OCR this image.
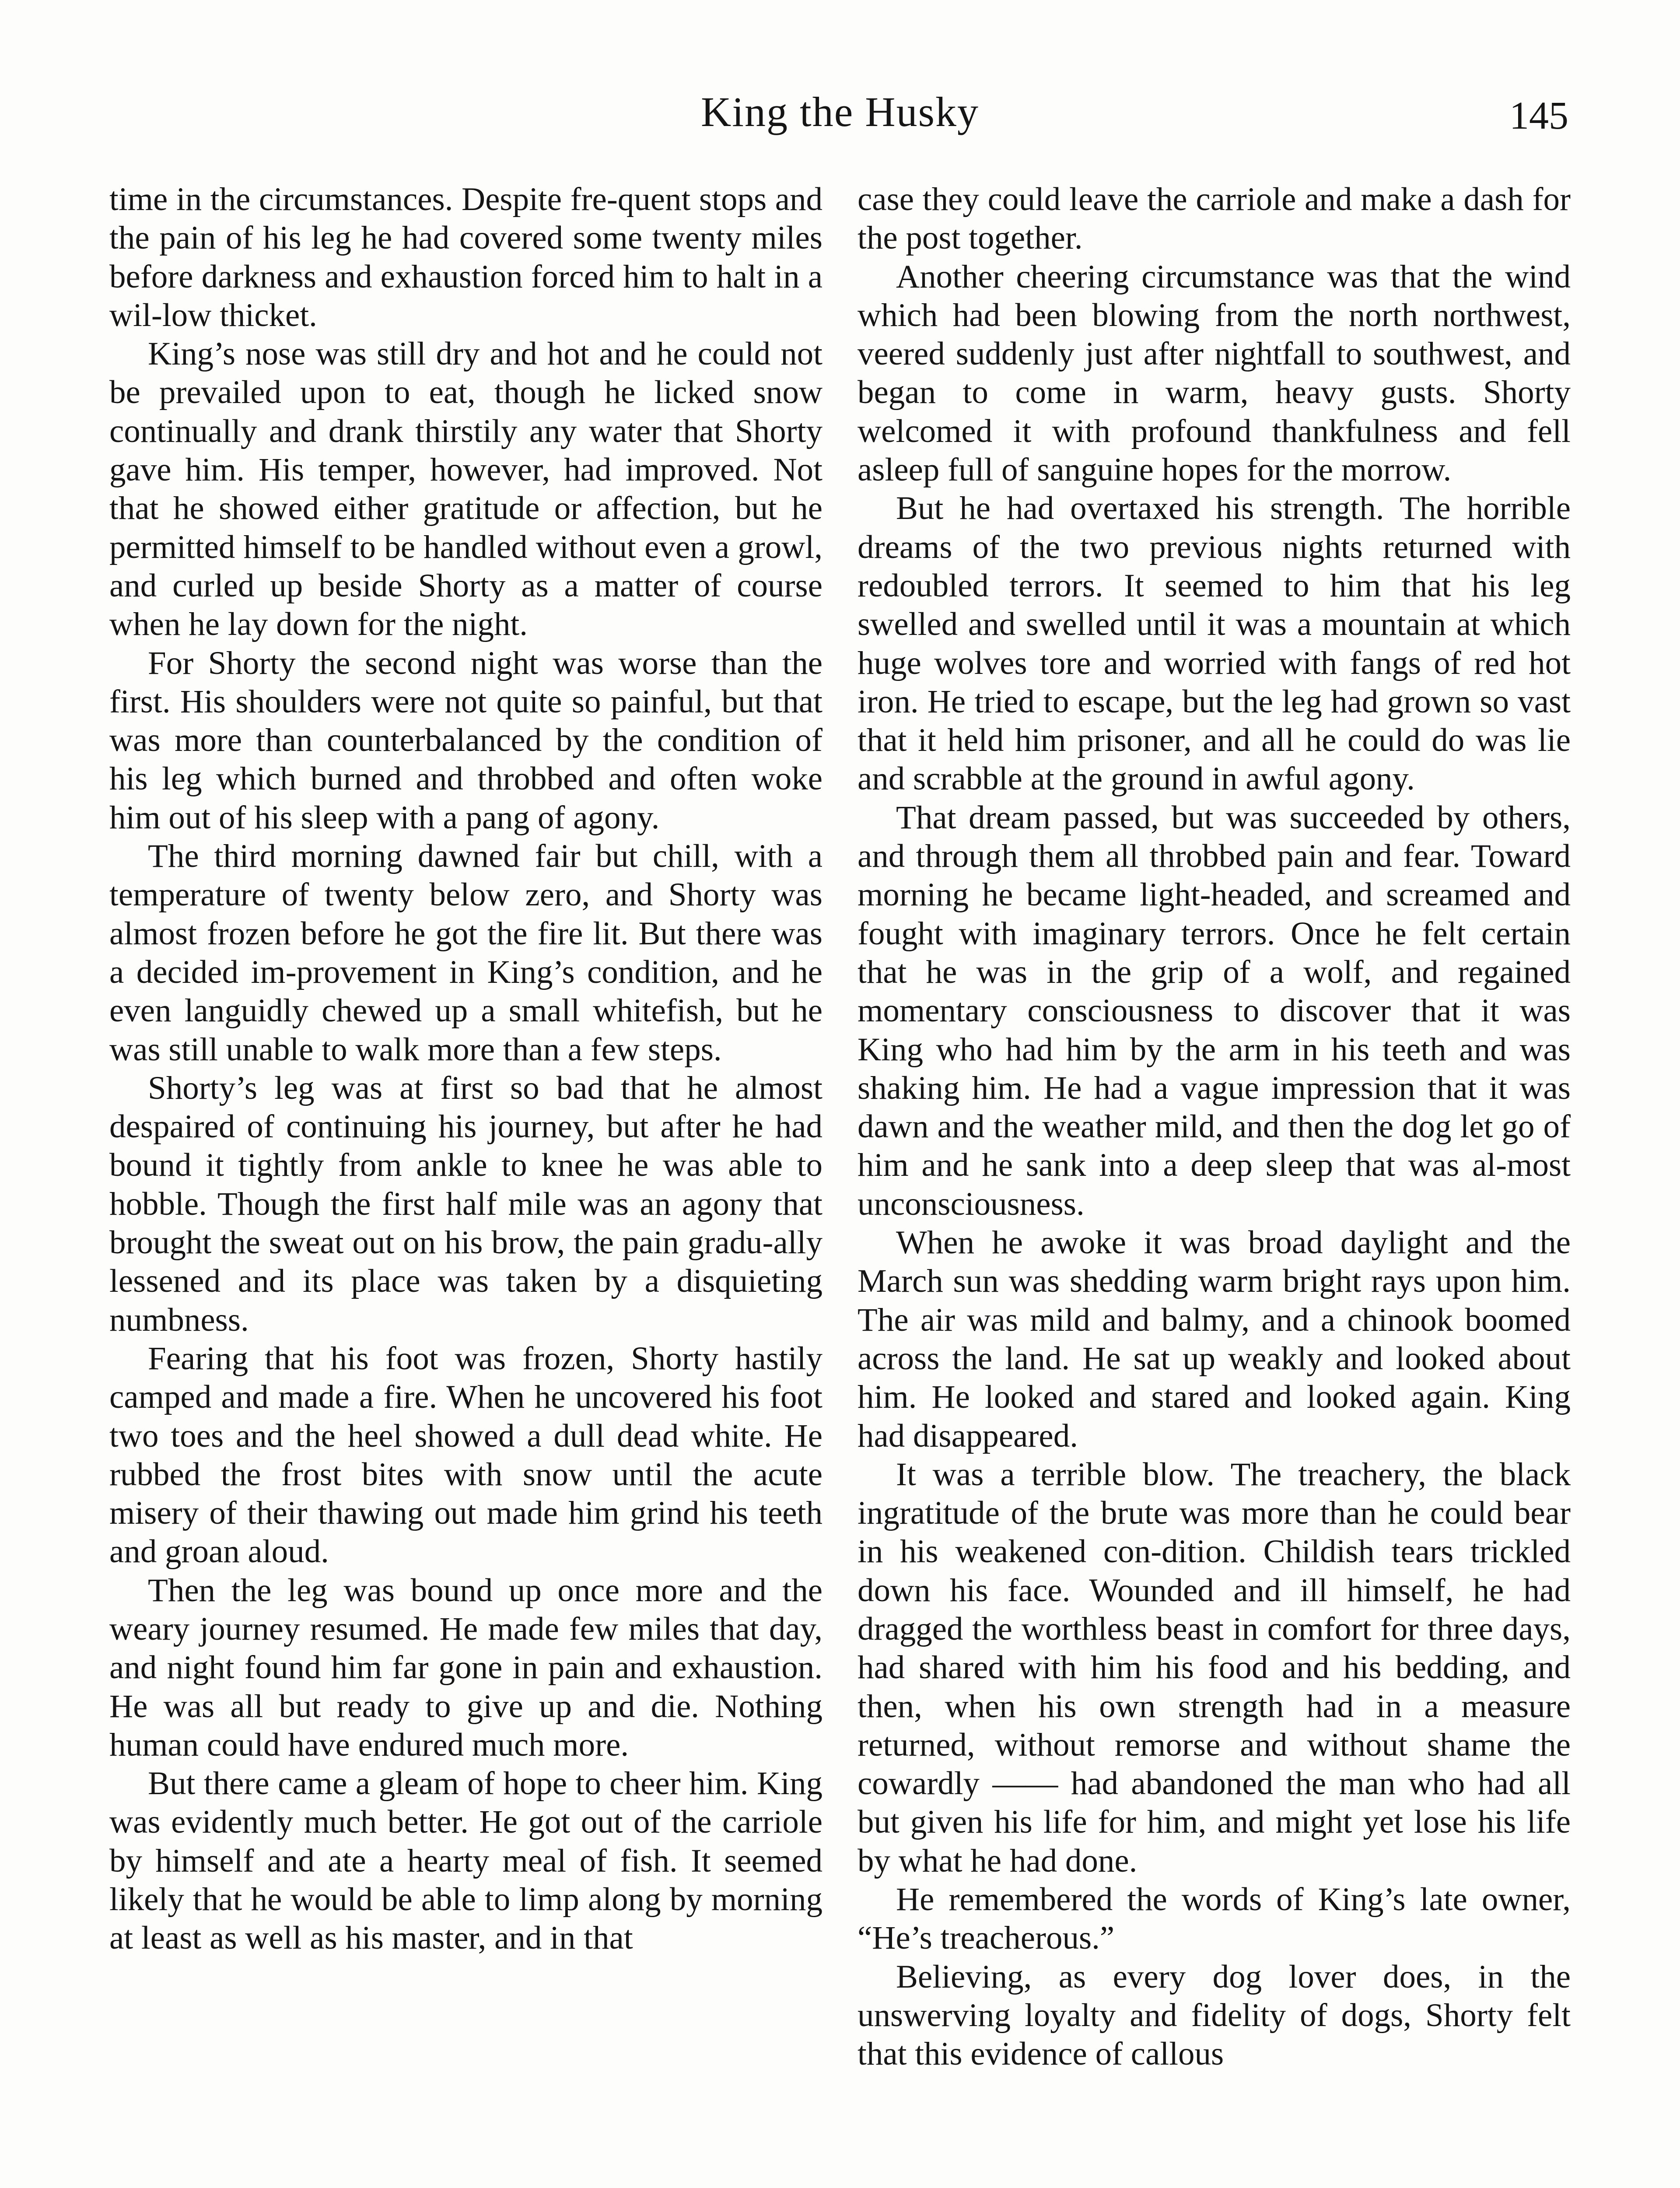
King the Husky	145

time in the circumstances. Despite fre-quent stops and the pain of his leg he had covered some twenty miles before darkness and exhaustion forced him to halt in a wil-low thicket.

King’s nose was still dry and hot and he could not be prevailed upon to eat, though he licked snow continually and drank thirstily any water that Shorty gave him. His temper, however, had improved. Not that he showed either gratitude or affection, but he permitted himself to be handled without even a growl, and curled up beside Shorty as a matter of course when he lay down for the night.

For Shorty the second night was worse than the first. His shoulders were not quite so painful, but that was more than counterbalanced by the condition of his leg which burned and throbbed and often woke him out of his sleep with a pang of agony.

The third morning dawned fair but chill, with a temperature of twenty below zero, and Shorty was almost frozen before he got the fire lit. But there was a decided im-provement in King’s condition, and he even languidly chewed up a small whitefish, but he was still unable to walk more than a few steps.

Shorty’s leg was at first so bad that he almost despaired of continuing his journey, but after he had bound it tightly from ankle to knee he was able to hobble. Though the first half mile was an agony that brought the sweat out on his brow, the pain gradu-ally lessened and its place was taken by a disquieting numbness.

Fearing that his foot was frozen, Shorty hastily camped and made a fire. When he uncovered his foot two toes and the heel showed a dull dead white. He rubbed the frost bites with snow until the acute misery of their thawing out made him grind his teeth and groan aloud.

Then the leg was bound up once more and the weary journey resumed. He made few miles that day, and night found him far gone in pain and exhaustion. He was all but ready to give up and die. Nothing human could have endured much more.

But there came a gleam of hope to cheer him. King was evidently much better. He got out of the carriole by himself and ate a hearty meal of fish. It seemed likely that he would be able to limp along by morning at least as well as his master, and in that

case they could leave the carriole and make a dash for the post together.

Another cheering circumstance was that the wind which had been blowing from the north northwest, veered suddenly just after nightfall to southwest, and began to come in warm, heavy gusts. Shorty welcomed it with profound thankfulness and fell asleep full of sanguine hopes for the morrow.

But he had overtaxed his strength. The horrible dreams of the two previous nights returned with redoubled terrors. It seemed to him that his leg swelled and swelled until it was a mountain at which huge wolves tore and worried with fangs of red hot iron. He tried to escape, but the leg had grown so vast that it held him prisoner, and all he could do was lie and scrabble at the ground in awful agony.

That dream passed, but was succeeded by others, and through them all throbbed pain and fear. Toward morning he became light-headed, and screamed and fought with imaginary terrors. Once he felt certain that he was in the grip of a wolf, and regained momentary consciousness to discover that it was King who had him by the arm in his teeth and was shaking him. He had a vague impression that it was dawn and the weather mild, and then the dog let go of him and he sank into a deep sleep that was al-most unconsciousness.

When he awoke it was broad daylight and the March sun was shedding warm bright rays upon him. The air was mild and balmy, and a chinook boomed across the land. He sat up weakly and looked about him. He looked and stared and looked again. King had disappeared.

It was a terrible blow. The treachery, the black ingratitude of the brute was more than he could bear in his weakened con-dition. Childish tears trickled down his face. Wounded and ill himself, he had dragged the worthless beast in comfort for three days, had shared with him his food and his bedding, and then, when his own strength had in a measure returned, without remorse and without shame the cowardly —— had abandoned the man who had all but given his life for him, and might yet lose his life by what he had done.

He remembered the words of King’s late owner, “He’s treacherous.”

Believing, as every dog lover does, in the unswerving loyalty and fidelity of dogs, Shorty felt that this evidence of callous
